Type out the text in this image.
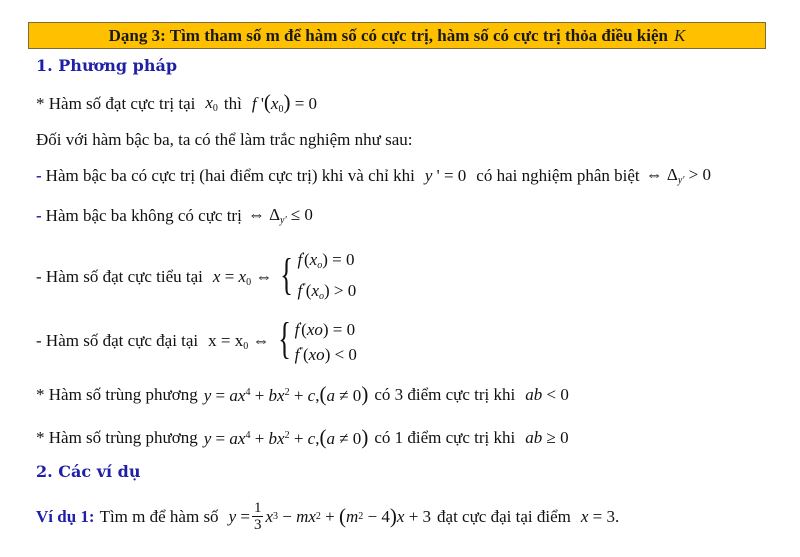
Dạng 3: Tìm tham số m để hàm số có cực trị, hàm số có cực trị thỏa điều kiện K
1. Phương pháp
* Hàm số đạt cực trị tại $x_0$ thì f '$(x_0) = 0$
Đối với hàm bậc ba, ta có thể làm trắc nghiệm như sau:
- Hàm bậc ba có cực trị (hai điểm cực trị) khi và chỉ khi y ' = 0 có hai nghiệm phân biệt ⇔ $\Delta_{y'} > 0$
- Hàm bậc ba không có cực trị ⇔ $\Delta_{y'} \le 0$
- Hàm số đạt cực tiểu tại $x = x_0$ ⇔ { $f'(x_o) = 0$
$f''(x_o) > 0$
- Hàm số đạt cực đại tại $x = x_0$ ⇔ { f'(xo) = 0
f''(xo) < 0
* Hàm số trùng phương $y = ax^4 + bx^2 + c,(a \ne 0)$ có 3 điểm cực trị khi ab < 0
* Hàm số trùng phương $y = ax^4 + bx^2 + c,(a \ne 0)$ có 1 điểm cực trị khi ab ≥ 0
2. Các ví dụ
Ví dụ 1: Tìm m để hàm số $y = \frac{1}{3}$ x 3 − mx 2 + ( m 2 − 4 ) x + 3 đạt cực đại tại điểm x = 3.
